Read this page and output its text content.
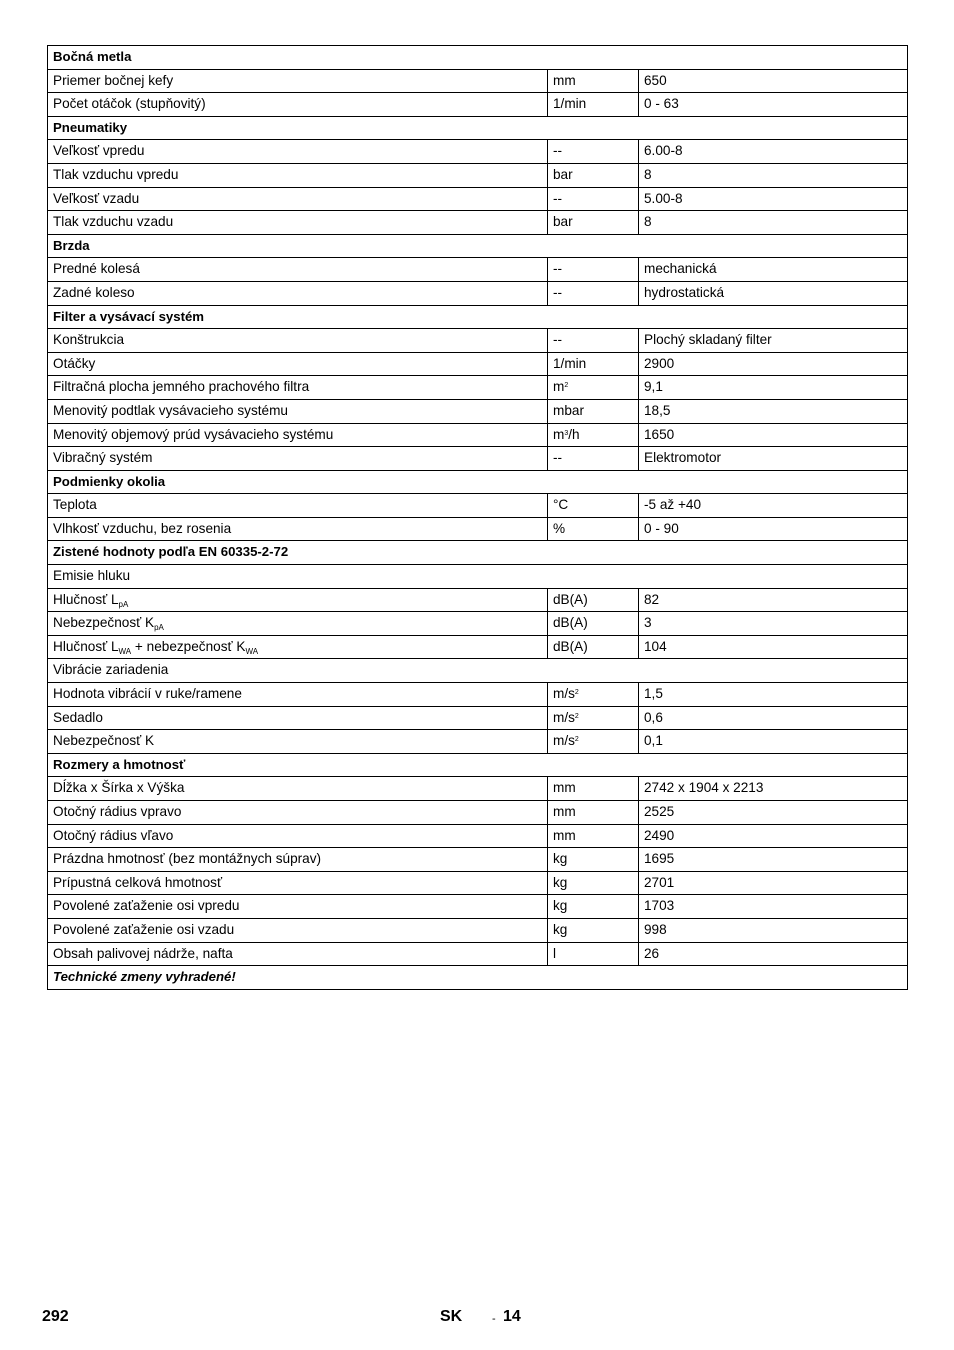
Bočná metla		
Priemer bočnej kefy	mm	650
Počet otáčok (stupňovitý)	1/min	0 - 63
Pneumatiky		
Veľkosť vpredu	--	6.00-8
Tlak vzduchu vpredu	bar	8
Veľkosť vzadu	--	5.00-8
Tlak vzduchu vzadu	bar	8
Brzda		
Predné kolesá	--	mechanická
Zadné koleso	--	hydrostatická
Filter a vysávací systém		
Konštrukcia	--	Plochý skladaný filter
Otáčky	1/min	2900
Filtračná plocha jemného prachového filtra	$m^2$	9,1
Menovitý podtlak vysávacieho systému	mbar	18,5
Menovitý objemový prúd vysávacieho systému	$m^3/h$	1650
Vibračný systém	--	Elektromotor
Podmienky okolia		
Teplota	°C	-5 až +40
Vlhkosť vzduchu, bez rosenia	%	0 - 90
Zistené hodnoty podľa EN 60335-2-72		
Emisie hluku		
Hlučnosť $L_{pA}$	dB(A)	82
Nebezpečnosť $K_{pA}$	dB(A)	3
Hlučnosť $L_{WA}$ + nebezpečnosť $K_{WA}$	dB(A)	104
Vibrácie zariadenia		
Hodnota vibrácií v ruke/ramene	$m/s^2$	1,5
Sedadlo	$m/s^2$	0,6
Nebezpečnosť K	$m/s^2$	0,1
Rozmery a hmotnosť		
Dĺžka x Šírka x Výška	mm	2742 x 1904 x 2213
Otočný rádius vpravo	mm	2525
Otočný rádius vľavo	mm	2490
Prázdna hmotnosť (bez montážnych súprav)	kg	1695
Prípustná celková hmotnosť	kg	2701
Povolené zaťaženie osi vpredu	kg	1703
Povolené zaťaženie osi vzadu	kg	998
Obsah palivovej nádrže, nafta	l	26
Technické zmeny vyhradené!		
292	SK	- 14
